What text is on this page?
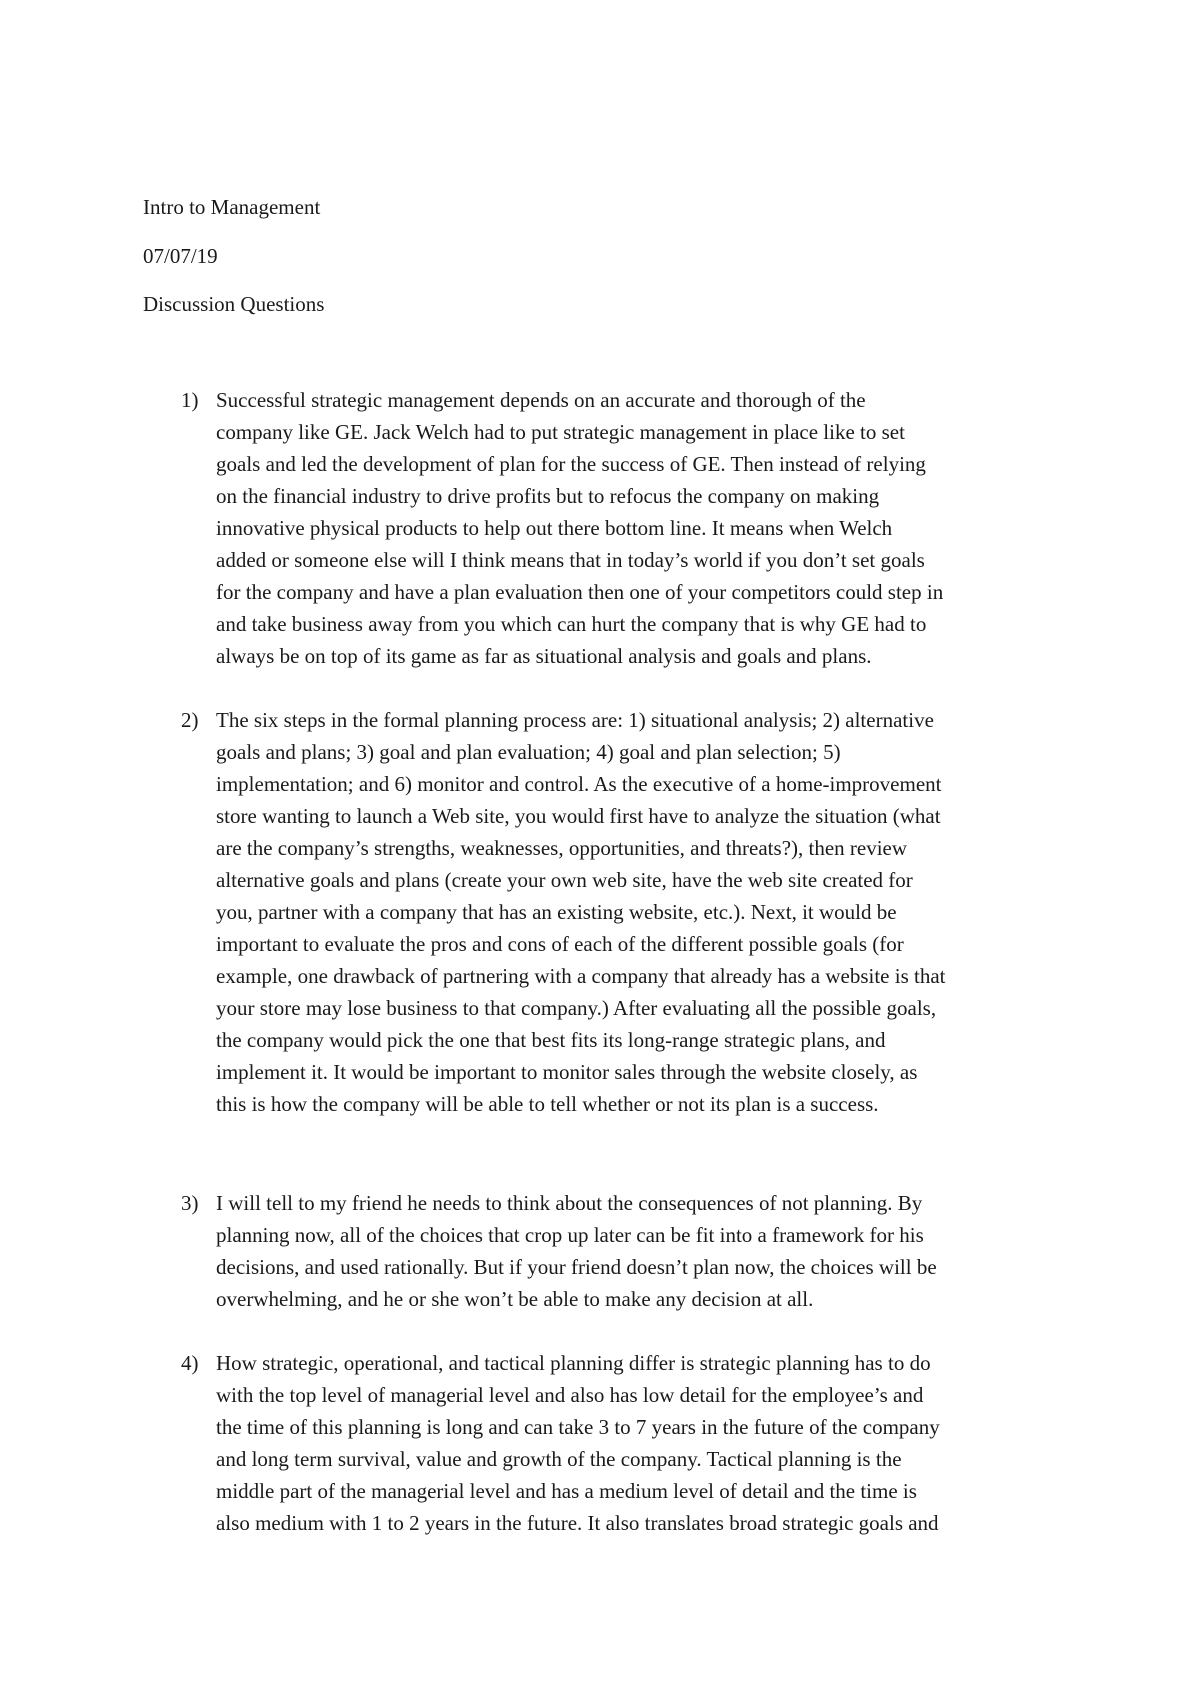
Intro to Management
07/07/19
Discussion Questions
1) Successful strategic management depends on an accurate and thorough of the
company like GE. Jack Welch had to put strategic management in place like to set
goals and led the development of plan for the success of GE. Then instead of relying
on the financial industry to drive profits but to refocus the company on making
innovative physical products to help out there bottom line. It means when Welch
added or someone else will I think means that in today’s world if you don’t set goals
for the company and have a plan evaluation then one of your competitors could step in
and take business away from you which can hurt the company that is why GE had to
always be on top of its game as far as situational analysis and goals and plans.
2) The six steps in the formal planning process are: 1) situational analysis; 2) alternative
goals and plans; 3) goal and plan evaluation; 4) goal and plan selection; 5)
implementation; and 6) monitor and control. As the executive of a home-improvement
store wanting to launch a Web site, you would first have to analyze the situation (what
are the company’s strengths, weaknesses, opportunities, and threats?), then review
alternative goals and plans (create your own web site, have the web site created for
you, partner with a company that has an existing website, etc.). Next, it would be
important to evaluate the pros and cons of each of the different possible goals (for
example, one drawback of partnering with a company that already has a website is that
your store may lose business to that company.) After evaluating all the possible goals,
the company would pick the one that best fits its long-range strategic plans, and
implement it. It would be important to monitor sales through the website closely, as
this is how the company will be able to tell whether or not its plan is a success.
3) I will tell to my friend he needs to think about the consequences of not planning. By
planning now, all of the choices that crop up later can be fit into a framework for his
decisions, and used rationally. But if your friend doesn’t plan now, the choices will be
overwhelming, and he or she won’t be able to make any decision at all.
4) How strategic, operational, and tactical planning differ is strategic planning has to do
with the top level of managerial level and also has low detail for the employee’s and
the time of this planning is long and can take 3 to 7 years in the future of the company
and long term survival, value and growth of the company. Tactical planning is the
middle part of the managerial level and has a medium level of detail and the time is
also medium with 1 to 2 years in the future. It also translates broad strategic goals and
